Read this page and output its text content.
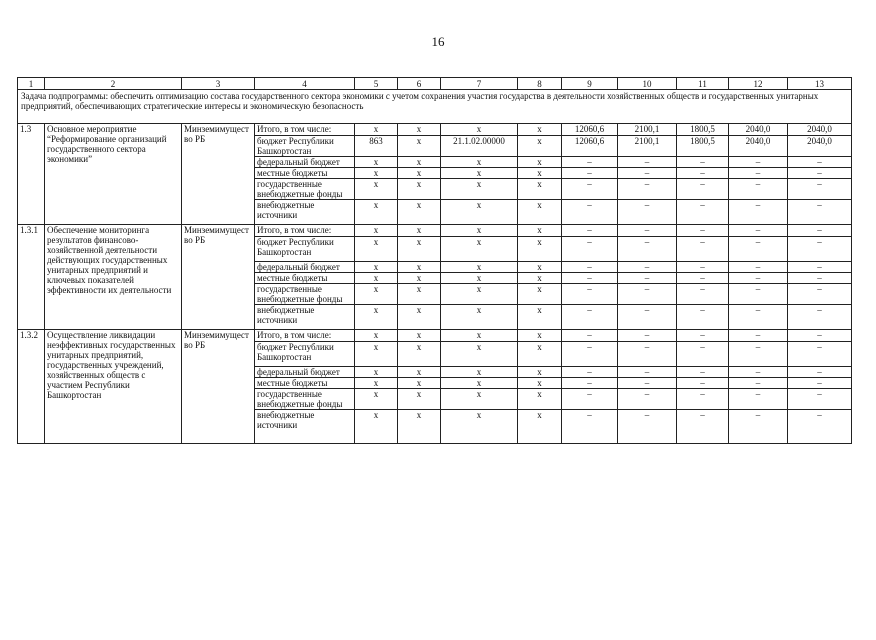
16
1	2	3	4	5	6	7	8	9	10	11	12	13
Задача подпрограммы: обеспечить оптимизацию состава государственного сектора экономики с учетом сохранения участия государства в деятельности хозяйственных обществ и государственных унитарных предприятий, обеспечивающих стратегические интересы и экономическую безопасность												
1.3	Основное мероприятие “Реформирование организаций государственного сектора экономики”	Минземимущество РБ	Итого, в том числе:	x	x	x	x	12060,6	2100,1	1800,5	2040,0	2040,0
			бюджет Республики Башкортостан	863	x	21.1.02.00000	x	12060,6	2100,1	1800,5	2040,0	2040,0
			федеральный бюджет	x	x	x	x	–	–	–	–	–
			местные бюджеты	x	x	x	x	–	–	–	–	–
			государственные внебюджетные фонды	x	x	x	x	–	–	–	–	–
			внебюджетные источники	x	x	x	x	–	–	–	–	–
1.3.1	Обеспечение мониторинга результатов финансово-хозяйственной деятельности действующих государственных унитарных предприятий и ключевых показателей эффективности их деятельности	Минземимущество РБ	Итого, в том числе:	x	x	x	x	–	–	–	–	–
			бюджет Республики Башкортостан	x	x	x	x	–	–	–	–	–
			федеральный бюджет	x	x	x	x	–	–	–	–	–
			местные бюджеты	x	x	x	x	–	–	–	–	–
			государственные внебюджетные фонды	x	x	x	x	–	–	–	–	–
			внебюджетные источники	x	x	x	x	–	–	–	–	–
1.3.2	Осуществление ликвидации неэффективных государственных унитарных предприятий, государственных учреждений, хозяйственных обществ с участием Республики Башкортостан	Минземимущество РБ	Итого, в том числе:	x	x	x	x	–	–	–	–	–
			бюджет Республики Башкортостан	x	x	x	x	–	–	–	–	–
			федеральный бюджет	x	x	x	x	–	–	–	–	–
			местные бюджеты	x	x	x	x	–	–	–	–	–
			государственные внебюджетные фонды	x	x	x	x	–	–	–	–	–
			внебюджетные источники	x	x	x	x	–	–	–	–	–
